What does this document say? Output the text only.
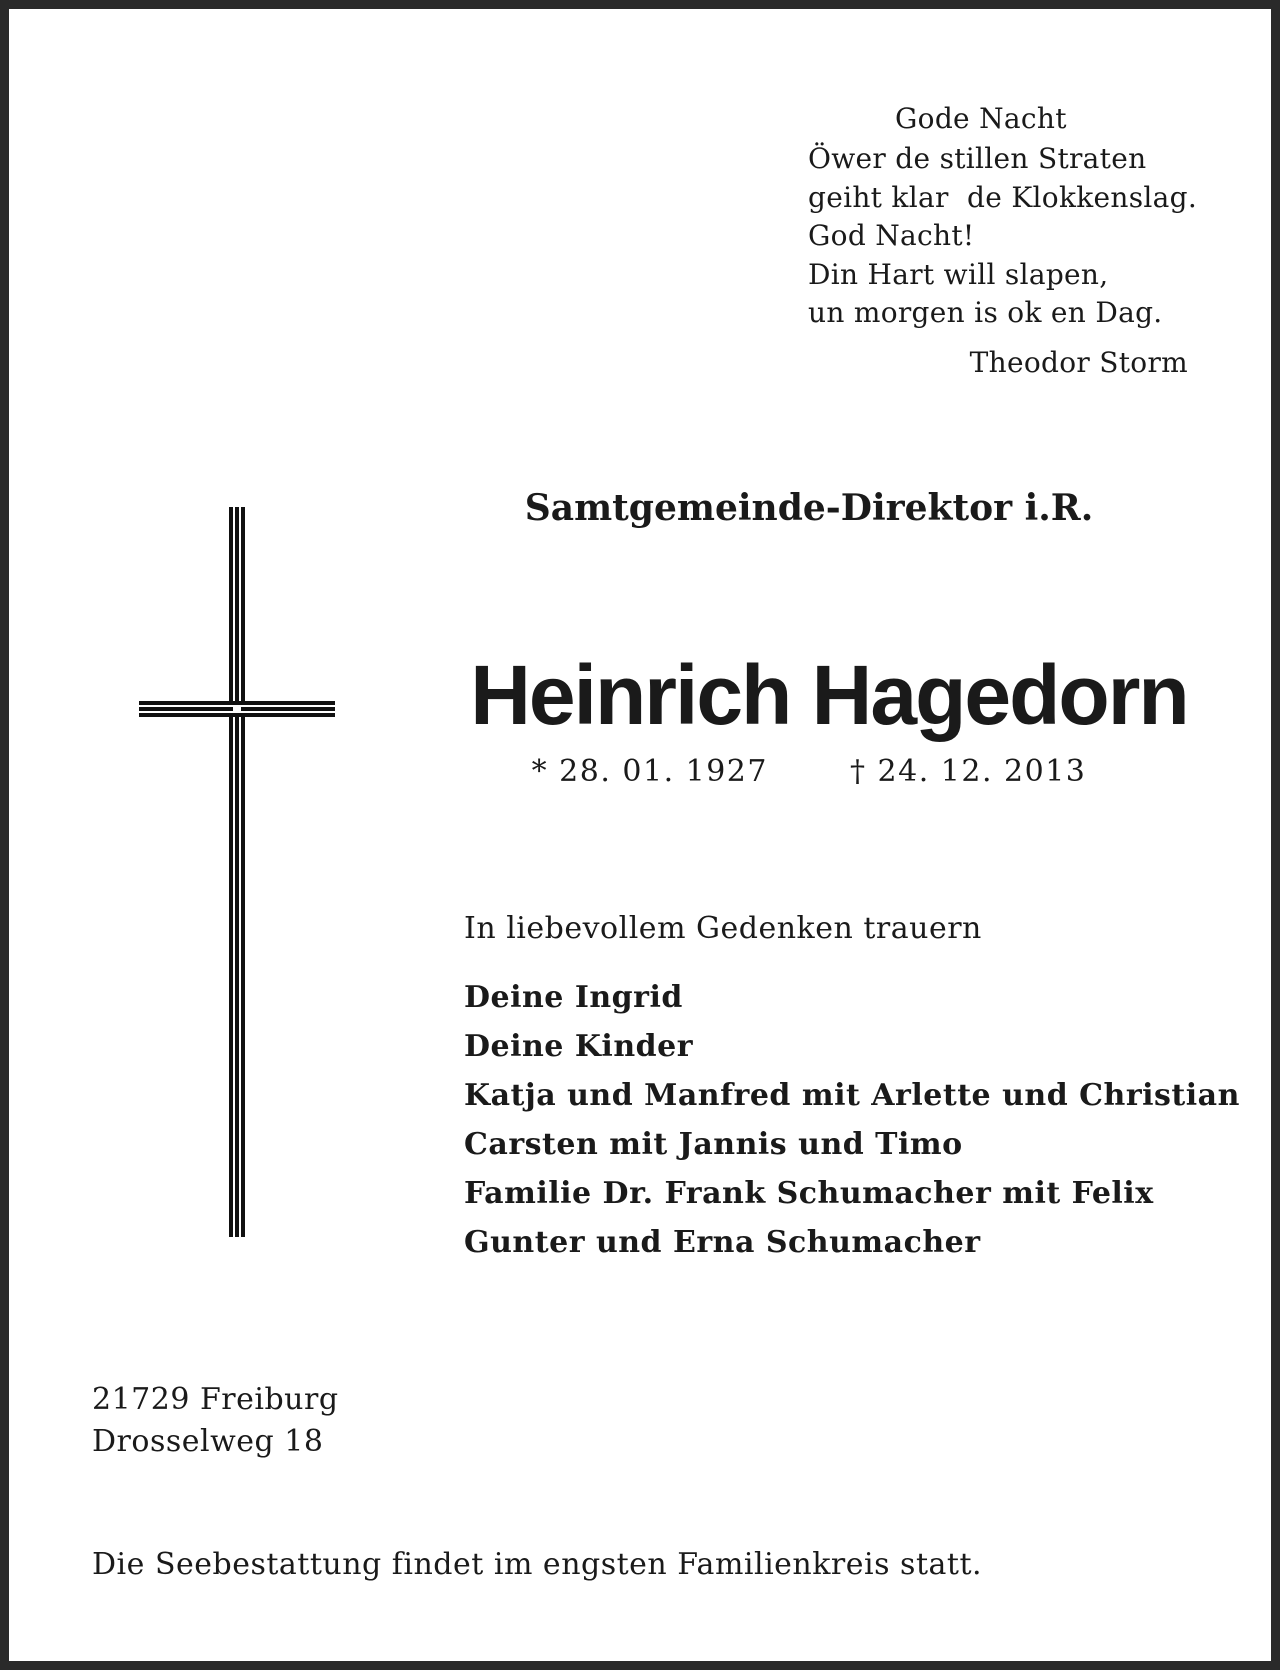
Gode Nacht
Öwer de stillen Straten
geiht klar  de Klokkenslag.
God Nacht!
Din Hart will slapen,
un morgen is ok en Dag.
Theodor Storm
Samtgemeinde-Direktor i.R.
Heinrich Hagedorn
* 28. 01. 1927	† 24. 12. 2013
In liebevollem Gedenken trauern
Deine Ingrid
Deine Kinder
Katja und Manfred mit Arlette und Christian
Carsten mit Jannis und Timo
Familie Dr. Frank Schumacher mit Felix
Gunter und Erna Schumacher
21729 Freiburg
Drosselweg 18
Die Seebestattung findet im engsten Familienkreis statt.
